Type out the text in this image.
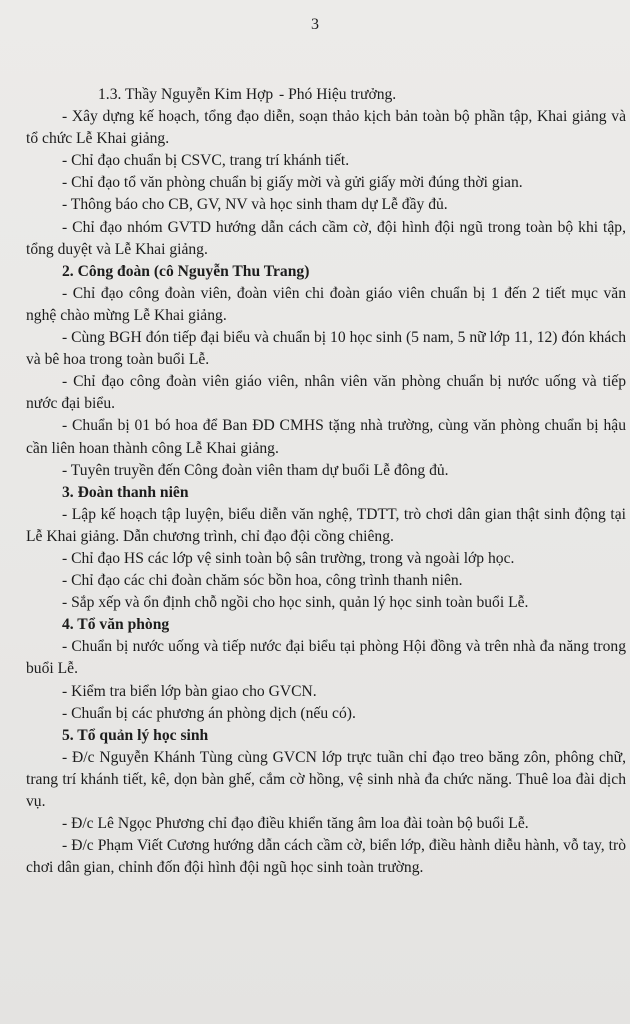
3

1.3. Thầy Nguyễn Kim Hợp - Phó Hiệu trưởng.

- Xây dựng kế hoạch, tổng đạo diễn, soạn thảo kịch bản toàn bộ phần tập, Khai giảng và tổ chức Lễ Khai giảng.

- Chỉ đạo chuẩn bị CSVC, trang trí khánh tiết.

- Chỉ đạo tổ văn phòng chuẩn bị giấy mời và gửi giấy mời đúng thời gian.

- Thông báo cho CB, GV, NV và học sinh tham dự Lễ đầy đủ.

- Chỉ đạo nhóm GVTD hướng dẫn cách cầm cờ, đội hình đội ngũ trong toàn bộ khi tập, tổng duyệt và Lễ Khai giảng.

2. Công đoàn (cô Nguyễn Thu Trang)

- Chỉ đạo công đoàn viên, đoàn viên chi đoàn giáo viên chuẩn bị 1 đến 2 tiết mục văn nghệ chào mừng Lễ Khai giảng.

- Cùng BGH đón tiếp đại biểu và chuẩn bị 10 học sinh (5 nam, 5 nữ lớp 11, 12) đón khách và bê hoa trong toàn buổi Lễ.

- Chỉ đạo công đoàn viên giáo viên, nhân viên văn phòng chuẩn bị nước uống và tiếp nước đại biểu.

- Chuẩn bị 01 bó hoa để Ban ĐD CMHS tặng nhà trường, cùng văn phòng chuẩn bị hậu cần liên hoan thành công Lễ Khai giảng.

- Tuyên truyền đến Công đoàn viên tham dự buổi Lễ đông đủ.

3. Đoàn thanh niên

- Lập kế hoạch tập luyện, biểu diễn văn nghệ, TDTT, trò chơi dân gian thật sinh động tại Lễ Khai giảng. Dẫn chương trình, chỉ đạo đội cồng chiêng.

- Chỉ đạo HS các lớp vệ sinh toàn bộ sân trường, trong và ngoài lớp học.

- Chỉ đạo các chi đoàn chăm sóc bồn hoa, công trình thanh niên.

- Sắp xếp và ổn định chỗ ngồi cho học sinh, quản lý học sinh toàn buổi Lễ.

4. Tổ văn phòng

- Chuẩn bị nước uống và tiếp nước đại biểu tại phòng Hội đồng và trên nhà đa năng trong buổi Lễ.

- Kiểm tra biển lớp bàn giao cho GVCN.

- Chuẩn bị các phương án phòng dịch (nếu có).

5. Tổ quản lý học sinh

- Đ/c Nguyễn Khánh Tùng cùng GVCN lớp trực tuần chỉ đạo treo băng zôn, phông chữ, trang trí khánh tiết, kê, dọn bàn ghế, cắm cờ hồng, vệ sinh nhà đa chức năng. Thuê loa đài dịch vụ.

- Đ/c Lê Ngọc Phương chỉ đạo điều khiển tăng âm loa đài toàn bộ buổi Lễ.

- Đ/c Phạm Viết Cương hướng dẫn cách cầm cờ, biển lớp, điều hành diễu hành, vỗ tay, trò chơi dân gian, chỉnh đốn đội hình đội ngũ học sinh toàn trường.
